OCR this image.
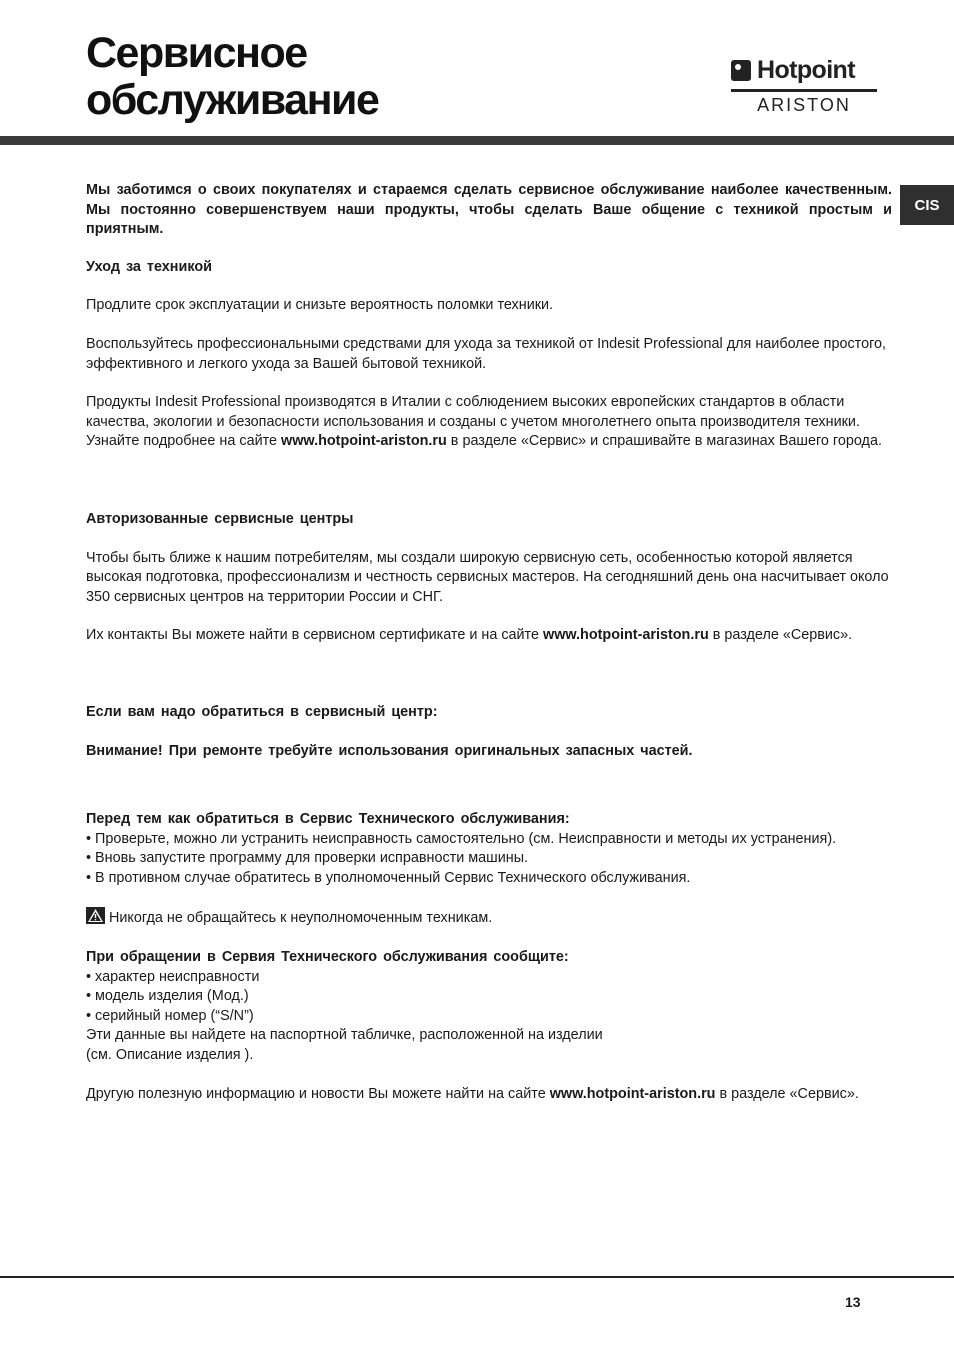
Сервисное
обслуживание
Hotpoint
ARISTON
CIS

Мы заботимся о своих покупателях и стараемся сделать сервисное обслуживание наиболее качественным. Мы постоянно совершенствуем наши продукты, чтобы сделать Ваше общение с техникой простым и приятным.

Уход за техникой

Продлите срок эксплуатации и снизьте вероятность поломки техники.

Воспользуйтесь профессиональными средствами для ухода за техникой от Indesit Professional для наиболее простого, эффективного и легкого ухода за Вашей бытовой техникой.

Продукты Indesit Professional производятся в Италии с соблюдением высоких европейских стандартов в области качества, экологии и безопасности использования и созданы с учетом многолетнего опыта производителя техники. Узнайте подробнее на сайте www.hotpoint-ariston.ru в разделе «Сервис» и спрашивайте в магазинах Вашего города.

Авторизованные сервисные центры

Чтобы быть ближе к нашим потребителям, мы создали широкую сервисную сеть, особенностью которой является высокая подготовка, профессионализм и честность сервисных мастеров. На сегодняшний день она насчитывает около 350 сервисных центров на территории России и СНГ.

Их контакты Вы можете найти в сервисном сертификате и на сайте www.hotpoint-ariston.ru в разделе «Сервис».

Если вам надо обратиться в сервисный центр:

Внимание! При ремонте требуйте использования оригинальных запасных частей.

Перед тем как обратиться в Сервис Технического обслуживания:

• Проверьте, можно ли устранить неисправность самостоятельно (см. Неисправности и методы их устранения).
• Вновь запустите программу для проверки исправности машины.
• В противном случае обратитесь в уполномоченный Сервис Технического обслуживания.

Никогда не обращайтесь к неуполномоченным техникам.

При обращении в Сервия Технического обслуживания сообщите:

• характер неисправности
• модель изделия (Мод.)
• серийный номер (“S/N”)
Эти данные вы найдете на паспортной табличке, расположенной на изделии
(см. Описание изделия ).

Другую полезную информацию и новости Вы можете найти на сайте www.hotpoint-ariston.ru в разделе «Сервис».

13
